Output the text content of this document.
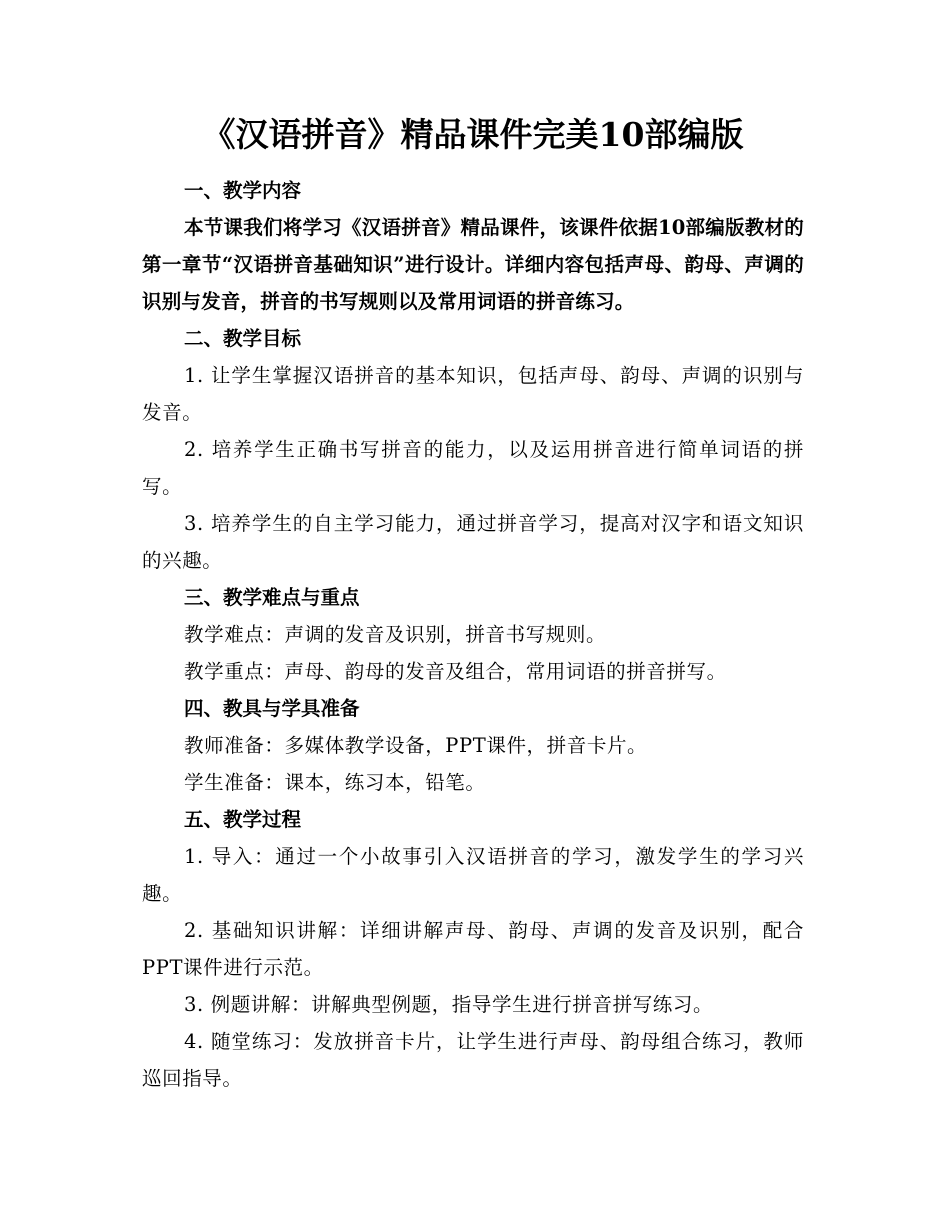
《汉语拼音》精品课件完美10部编版
一、教学内容

本节课我们将学习《汉语拼音》精品课件，该课件依据10部编版教材的第一章节“汉语拼音基础知识”进行设计。详细内容包括声母、韵母、声调的识别与发音，拼音的书写规则以及常用词语的拼音练习。

二、教学目标

1. 让学生掌握汉语拼音的基本知识，包括声母、韵母、声调的识别与发音。

2. 培养学生正确书写拼音的能力，以及运用拼音进行简单词语的拼写。

3. 培养学生的自主学习能力，通过拼音学习，提高对汉字和语文知识的兴趣。

三、教学难点与重点

教学难点：声调的发音及识别，拼音书写规则。

教学重点：声母、韵母的发音及组合，常用词语的拼音拼写。

四、教具与学具准备

教师准备：多媒体教学设备，PPT课件，拼音卡片。

学生准备：课本，练习本，铅笔。

五、教学过程

1. 导入：通过一个小故事引入汉语拼音的学习，激发学生的学习兴趣。

2. 基础知识讲解：详细讲解声母、韵母、声调的发音及识别，配合PPT课件进行示范。

3. 例题讲解：讲解典型例题，指导学生进行拼音拼写练习。

4. 随堂练习：发放拼音卡片，让学生进行声母、韵母组合练习，教师巡回指导。
